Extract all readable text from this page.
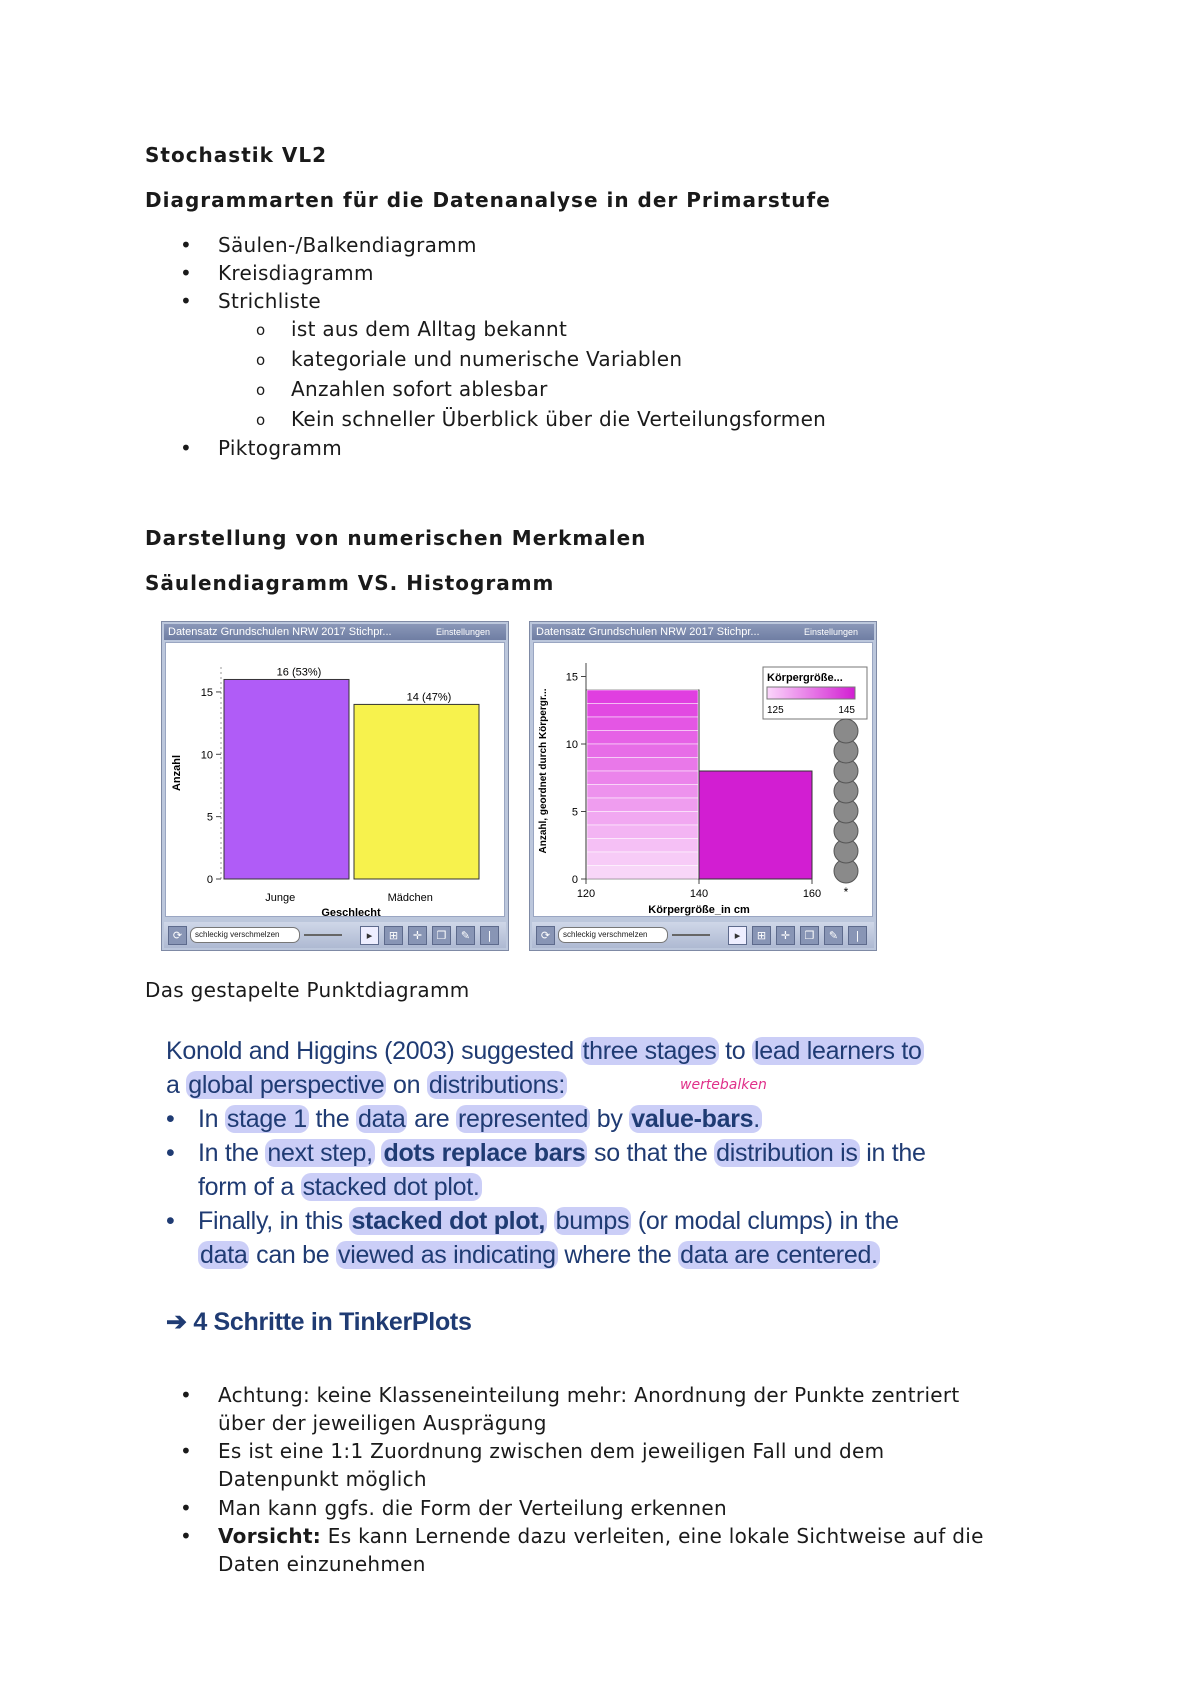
Stochastik VL2
Diagrammarten für die Datenanalyse in der Primarstufe
• Säulen-/Balkendiagramm
• Kreisdiagramm
• Strichliste
o ist aus dem Alltag bekannt
o kategoriale und numerische Variablen
o Anzahlen sofort ablesbar
o Kein schneller Überblick über die Verteilungsformen
• Piktogramm
Darstellung von numerischen Merkmalen
Säulendiagramm VS. Histogramm
Datensatz Grundschulen NRW 2017 Stichpr...	Einstellungen
0
5
10
15
Anzahl
16 (53%)
Junge
14 (47%)
Mädchen
Geschlecht
⟳	schleckig verschmelzen	▸	⊞	✛	❐	✎	|
Datensatz Grundschulen NRW 2017 Stichpr...	Einstellungen
0
5
10
15
Anzahl, geordnet durch Körpergr...
120	140	160
Körpergröße_in cm
Körpergröße...
125	145
*
⟳	schleckig verschmelzen	▸	⊞	✛	❐	✎	|
Das gestapelte Punktdiagramm
Konold and Higgins (2003) suggested three stages to lead learners to
a global perspective on distributions:	wertebalken
• In stage 1 the data are represented by value-bars.
• In the next step, dots replace bars so that the distribution is in the
form of a stacked dot plot.
• Finally, in this stacked dot plot, bumps (or modal clumps) in the
data can be viewed as indicating where the data are centered.
➔ 4 Schritte in TinkerPlots
• Achtung: keine Klasseneinteilung mehr: Anordnung der Punkte zentriert
über der jeweiligen Ausprägung
• Es ist eine 1:1 Zuordnung zwischen dem jeweiligen Fall und dem
Datenpunkt möglich
• Man kann ggfs. die Form der Verteilung erkennen
• Vorsicht: Es kann Lernende dazu verleiten, eine lokale Sichtweise auf die
Daten einzunehmen
